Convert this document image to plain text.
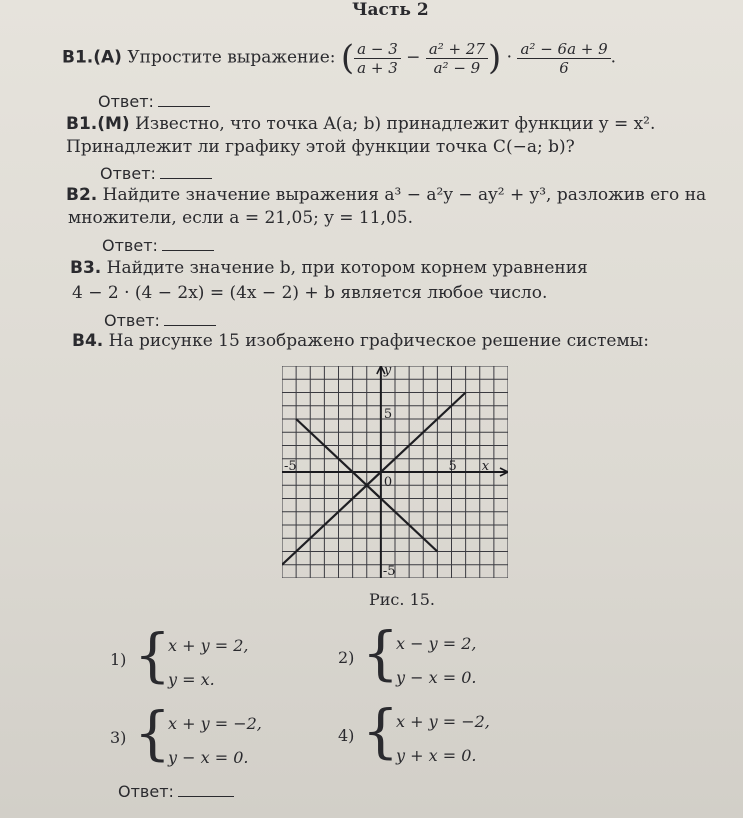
Часть 2
В1.(А) Упростите выражение: ( $\frac{a - 3}{a + 3} - \frac{\text{a² + 27}}{\text{a² − 9}}$ ) · $\frac{\text{a² − 6a + 9}}{6}$ .
Ответ:
В1.(М) Известно, что точка A(a; b) принадлежит функции y = x².
Принадлежит ли графику этой функции точка C(−a; b)?
Ответ:
В2. Найдите значение выражения a³ − a²y − ay² + y³, разложив его на
множители, если a = 21,05; y = 11,05.
Ответ:
В3. Найдите значение b, при котором корнем уравнения
4 − 2 · (4 − 2x) = (4x − 2) + b является любое число.
Ответ:
В4. На рисунке 15 изображено графическое решение системы:
y
5
5 x
-5
-5
0
Рис. 15.
1) {
x + y = 2,
y = x.
2) {
x − y = 2,
y − x = 0.
3) {
x + y = −2,
y − x = 0.
4) {
x + y = −2,
y + x = 0.
Ответ:
